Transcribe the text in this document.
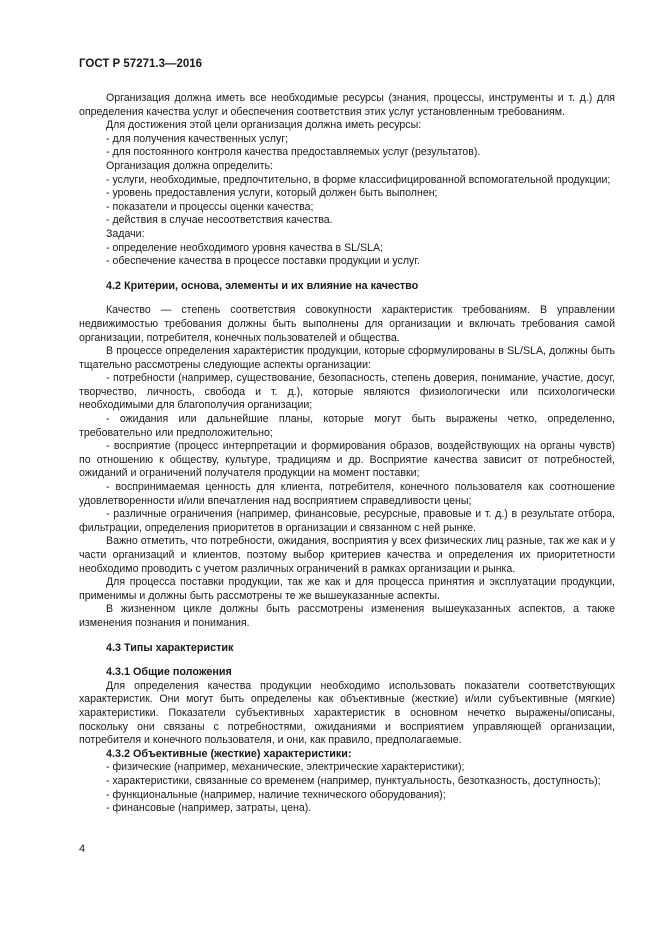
ГОСТ Р 57271.3—2016

Организация должна иметь все необходимые ресурсы (знания, процессы, инструменты и т. д.) для определения качества услуг и обеспечения соответствия этих услуг установленным требованиям.

Для достижения этой цели организация должна иметь ресурсы:

- для получения качественных услуг;

- для постоянного контроля качества предоставляемых услуг (результатов).

Организация должна определить:

- услуги, необходимые, предпочтительно, в форме классифицированной вспомогательной продукции;

- уровень предоставления услуги, который должен быть выполнен;

- показатели и процессы оценки качества;

- действия в случае несоответствия качества.

Задачи:

- определение необходимого уровня качества в SL/SLA;

- обеспечение качества в процессе поставки продукции и услуг.

4.2 Критерии, основа, элементы и их влияние на качество

Качество — степень соответствия совокупности характеристик требованиям. В управлении недвижимостью требования должны быть выполнены для организации и включать требования самой организации, потребителя, конечных пользователей и общества.

В процессе определения характеристик продукции, которые сформулированы в SL/SLA, должны быть тщательно рассмотрены следующие аспекты организации:

- потребности (например, существование, безопасность, степень доверия, понимание, участие, досуг, творчество, личность, свобода и т. д.), которые являются физиологически или психологически необходимыми для благополучия организации;

- ожидания или дальнейшие планы, которые могут быть выражены четко, определенно, требовательно или предположительно;

- восприятие (процесс интерпретации и формирования образов, воздействующих на органы чувств) по отношению к обществу, культуре, традициям и др. Восприятие качества зависит от потребностей, ожиданий и ограничений получателя продукции на момент поставки;

- воспринимаемая ценность для клиента, потребителя, конечного пользователя как соотношение удовлетворенности и/или впечатления над восприятием справедливости цены;

- различные ограничения (например, финансовые, ресурсные, правовые и т. д.) в результате отбора, фильтрации, определения приоритетов в организации и связанном с ней рынке.

Важно отметить, что потребности, ожидания, восприятия у всех физических лиц разные, так же как и у части организаций и клиентов, поэтому выбор критериев качества и определения их приоритетности необходимо проводить с учетом различных ограничений в рамках организации и рынка.

Для процесса поставки продукции, так же как и для процесса принятия и эксплуатации продукции, применимы и должны быть рассмотрены те же вышеуказанные аспекты.

В жизненном цикле должны быть рассмотрены изменения вышеуказанных аспектов, а также изменения познания и понимания.

4.3 Типы характеристик
4.3.1 Общие положения

Для определения качества продукции необходимо использовать показатели соответствующих характеристик. Они могут быть определены как объективные (жесткие) и/или субъективные (мягкие) характеристики. Показатели субъективных характеристик в основном нечетко выражены/описаны, поскольку они связаны с потребностями, ожиданиями и восприятием управляющей организации, потребителя и конечного пользователя, и они, как правило, предполагаемые.

4.3.2 Объективные (жесткие) характеристики:

- физические (например, механические, электрические характеристики);

- характеристики, связанные со временем (например, пунктуальность, безотказность, доступность);

- функциональные (например, наличие технического оборудования);

- финансовые (например, затраты, цена).

4
